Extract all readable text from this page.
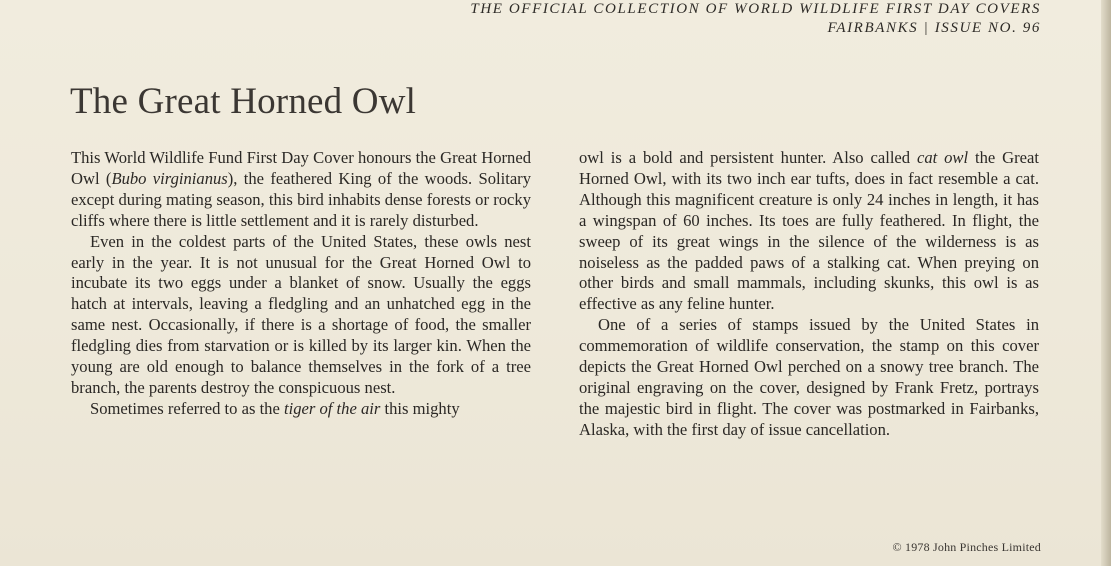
THE OFFICIAL COLLECTION OF WORLD WILDLIFE FIRST DAY COVERS
FAIRBANKS | ISSUE NO. 96
The Great Horned Owl

This World Wildlife Fund First Day Cover honours the Great Horned Owl (Bubo virginianus), the feathered King of the woods. Solitary except during mating season, this bird inhabits dense forests or rocky cliffs where there is little settlement and it is rarely disturbed.

Even in the coldest parts of the United States, these owls nest early in the year. It is not unusual for the Great Horned Owl to incubate its two eggs under a blanket of snow. Usually the eggs hatch at intervals, leaving a fledgling and an unhatched egg in the same nest. Occasionally, if there is a shortage of food, the smaller fledgling dies from starvation or is killed by its larger kin. When the young are old enough to balance themselves in the fork of a tree branch, the parents destroy the conspicuous nest.

Sometimes referred to as the tiger of the air this mighty

owl is a bold and persistent hunter. Also called cat owl the Great Horned Owl, with its two inch ear tufts, does in fact resemble a cat. Although this magnificent creature is only 24 inches in length, it has a wingspan of 60 inches. Its toes are fully feathered. In flight, the sweep of its great wings in the silence of the wilderness is as noiseless as the padded paws of a stalking cat. When preying on other birds and small mammals, including skunks, this owl is as effective as any feline hunter.

One of a series of stamps issued by the United States in commemoration of wildlife conservation, the stamp on this cover depicts the Great Horned Owl perched on a snowy tree branch. The original engraving on the cover, designed by Frank Fretz, portrays the majestic bird in flight. The cover was postmarked in Fairbanks, Alaska, with the first day of issue cancellation.

© 1978 John Pinches Limited
